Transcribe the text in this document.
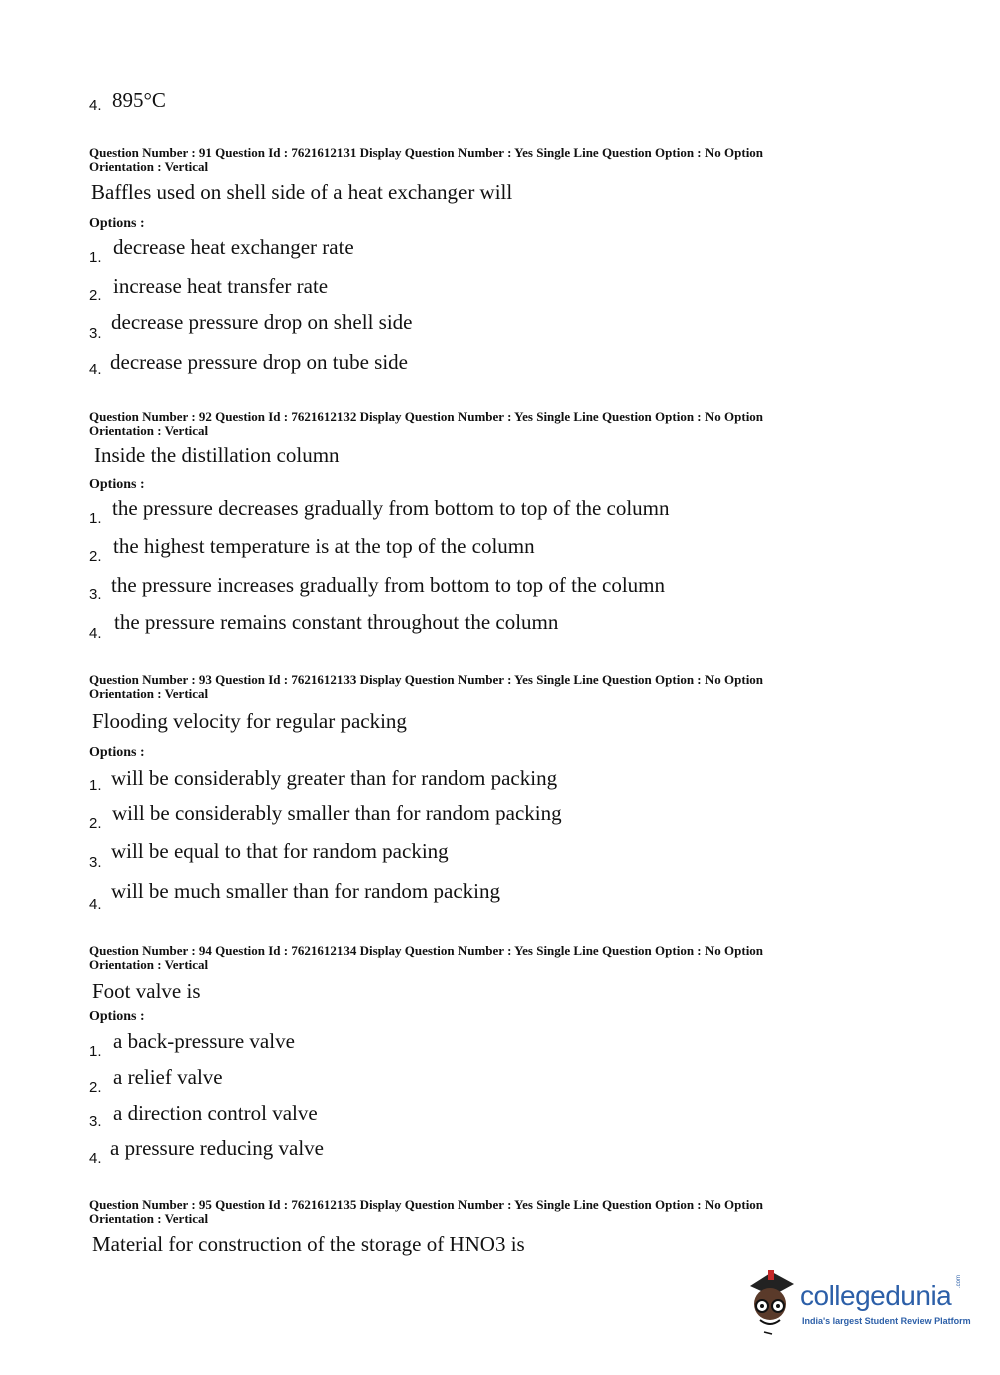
4. 895°C
Question Number : 91 Question Id : 7621612131 Display Question Number : Yes Single Line Question Option : No Option
Orientation : Vertical
Baffles used on shell side of a heat exchanger will
Options :
1. decrease heat exchanger rate
2. increase heat transfer rate
3. decrease pressure drop on shell side
4. decrease pressure drop on tube side
Question Number : 92 Question Id : 7621612132 Display Question Number : Yes Single Line Question Option : No Option
Orientation : Vertical
Inside the distillation column
Options :
1. the pressure decreases gradually from bottom to top of the column
2. the highest temperature is at the top of the column
3. the pressure increases gradually from bottom to top of the column
4. the pressure remains constant throughout the column
Question Number : 93 Question Id : 7621612133 Display Question Number : Yes Single Line Question Option : No Option
Orientation : Vertical
Flooding velocity for regular packing
Options :
1. will be considerably greater than for random packing
2. will be considerably smaller than for random packing
3. will be equal to that for random packing
4.
will be much smaller than for random packing
Question Number : 94 Question Id : 7621612134 Display Question Number : Yes Single Line Question Option : No Option
Orientation : Vertical
Foot valve is
Options :
1. a back-pressure valve
2. a relief valve
3. a direction control valve
4. a pressure reducing valve
Question Number : 95 Question Id : 7621612135 Display Question Number : Yes Single Line Question Option : No Option
Orientation : Vertical
Material for construction of the storage of HNO3 is
collegedunia .com
India's largest Student Review Platform
